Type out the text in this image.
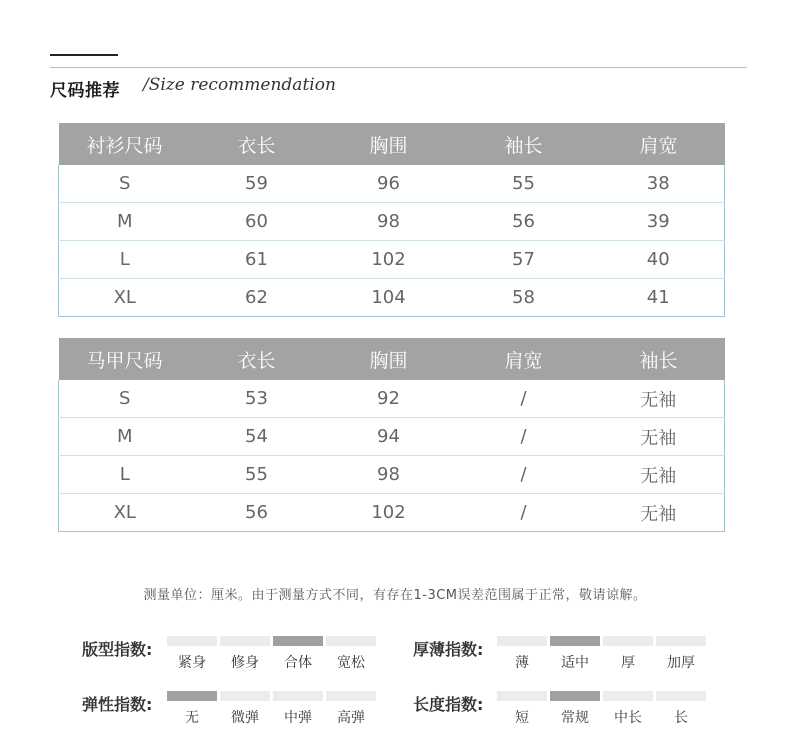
尺码推荐 /Size recommendation
衬衫尺码	衣长	胸围	袖长	肩宽
S	59	96	55	38
M	60	98	56	39
L	61	102	57	40
XL	62	104	58	41
马甲尺码	衣长	胸围	肩宽	袖长
S	53	92	/	无袖
M	54	94	/	无袖
L	55	98	/	无袖
XL	56	102	/	无袖
测量单位：厘米。由于测量方式不同，有存在1-3CM误差范围属于正常，敬请谅解。
版型指数:
紧身	修身	合体	宽松
厚薄指数:
薄	适中	厚	加厚
弹性指数:
无	微弹	中弹	高弹
长度指数:
短	常规	中长	长
